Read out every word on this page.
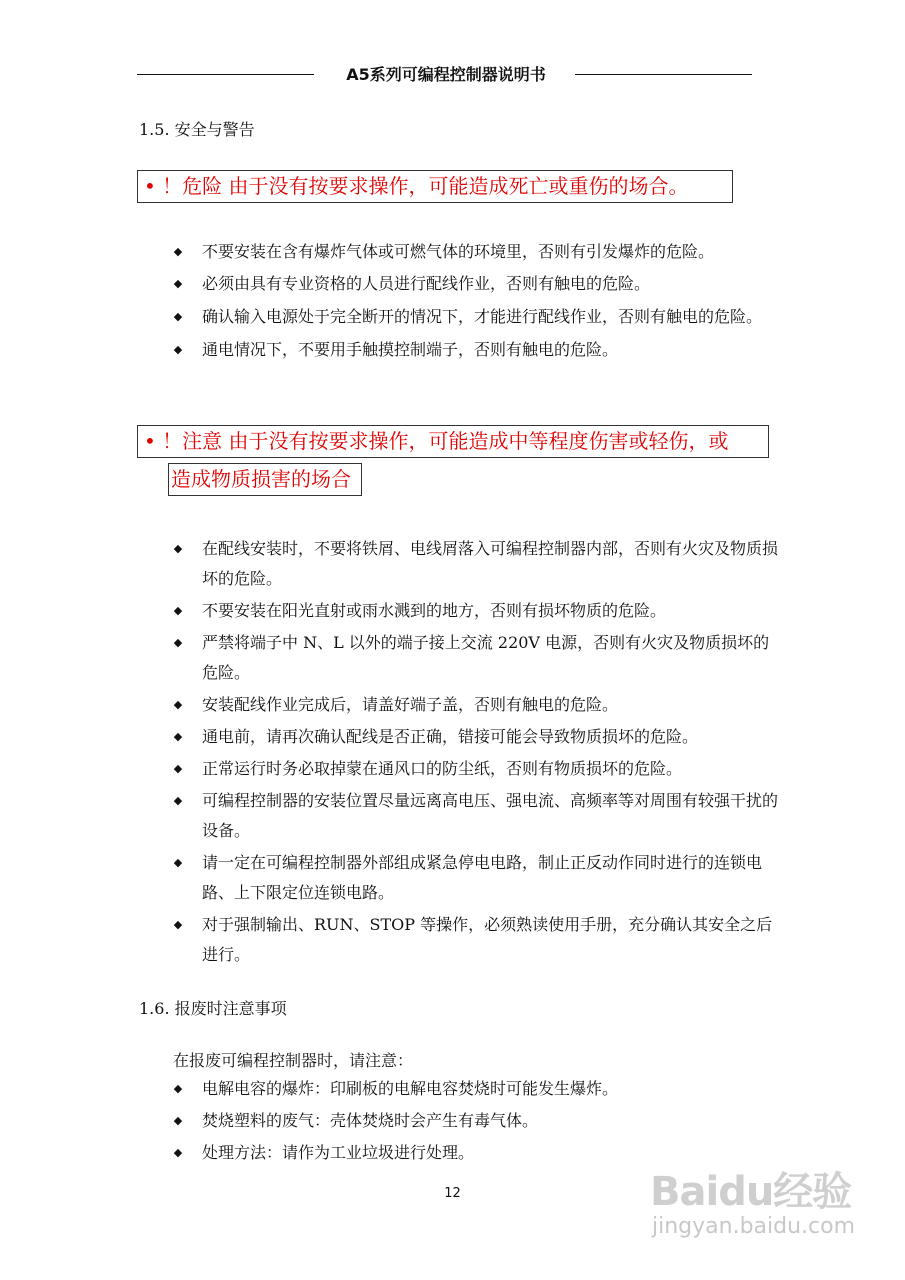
A5系列可编程控制器说明书
1.5. 安全与警告
• ！危险 由于没有按要求操作，可能造成死亡或重伤的场合。
◆ 不要安装在含有爆炸气体或可燃气体的环境里，否则有引发爆炸的危险。
◆ 必须由具有专业资格的人员进行配线作业，否则有触电的危险。
◆ 确认输入电源处于完全断开的情况下，才能进行配线作业，否则有触电的危险。
◆ 通电情况下，不要用手触摸控制端子，否则有触电的危险。
• ！注意 由于没有按要求操作，可能造成中等程度伤害或轻伤，或
造成物质损害的场合
◆ 在配线安装时，不要将铁屑、电线屑落入可编程控制器内部，否则有火灾及物质损坏的危险。
◆ 不要安装在阳光直射或雨水溅到的地方，否则有损坏物质的危险。
◆ 严禁将端子中 N、L 以外的端子接上交流 220V 电源，否则有火灾及物质损坏的危险。
◆ 安装配线作业完成后，请盖好端子盖，否则有触电的危险。
◆ 通电前，请再次确认配线是否正确，错接可能会导致物质损坏的危险。
◆ 正常运行时务必取掉蒙在通风口的防尘纸，否则有物质损坏的危险。
◆ 可编程控制器的安装位置尽量远离高电压、强电流、高频率等对周围有较强干扰的设备。
◆ 请一定在可编程控制器外部组成紧急停电电路，制止正反动作同时进行的连锁电路、上下限定位连锁电路。
◆ 对于强制输出、RUN、STOP 等操作，必须熟读使用手册，充分确认其安全之后进行。
1.6. 报废时注意事项
在报废可编程控制器时，请注意：
◆ 电解电容的爆炸：印刷板的电解电容焚烧时可能发生爆炸。
◆ 焚烧塑料的废气：壳体焚烧时会产生有毒气体。
◆ 处理方法：请作为工业垃圾进行处理。
12	Baidu经验
jingyan.baidu.com
